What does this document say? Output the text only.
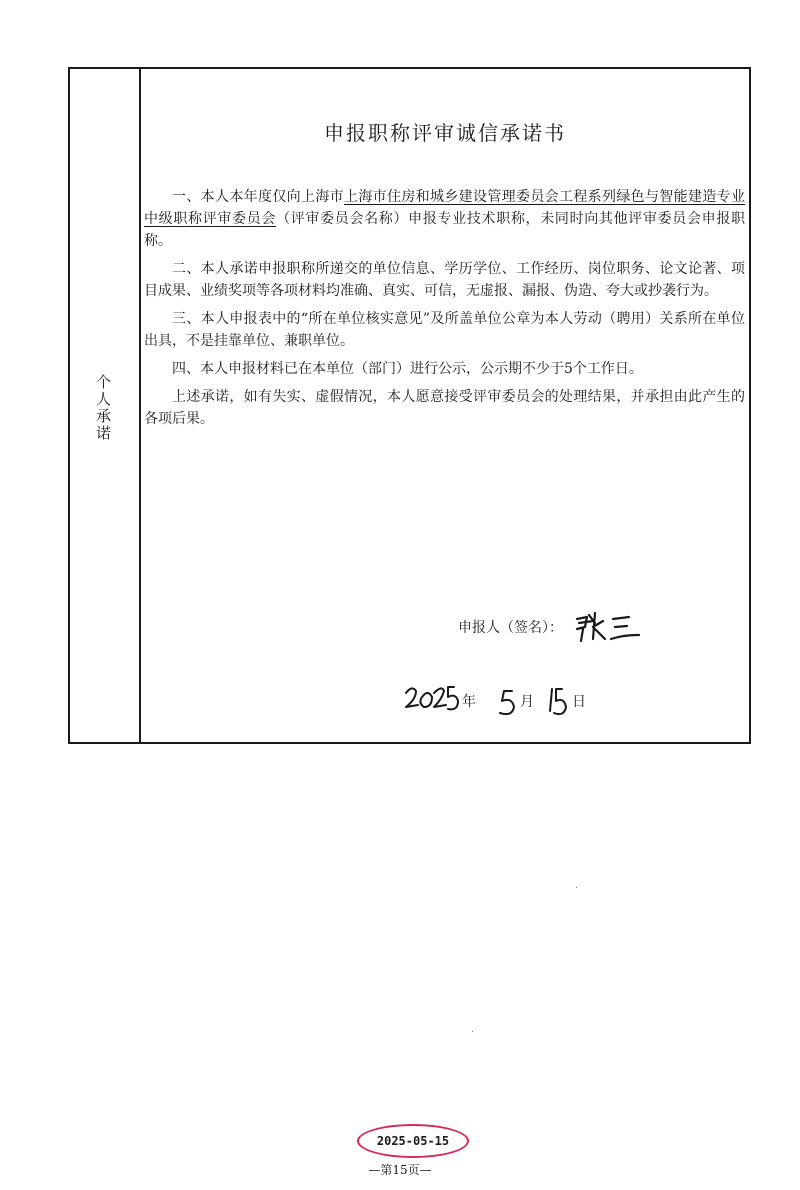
个
人
承
诺
申报职称评审诚信承诺书

一、本人本年度仅向上海市上海市住房和城乡建设管理委员会工程系列绿色与智能建造专业中级职称评审委员会（评审委员会名称）申报专业技术职称，未同时向其他评审委员会申报职称。

二、本人承诺申报职称所递交的单位信息、学历学位、工作经历、岗位职务、论文论著、项目成果、业绩奖项等各项材料均准确、真实、可信，无虚报、漏报、伪造、夸大或抄袭行为。

三、本人申报表中的“所在单位核实意见”及所盖单位公章为本人劳动（聘用）关系所在单位出具，不是挂靠单位、兼职单位。

四、本人申报材料已在本单位（部门）进行公示，公示期不少于5个工作日。

上述承诺，如有失实、虚假情况，本人愿意接受评审委员会的处理结果，并承担由此产生的各项后果。

申报人（签名）：
年	月	日
2025-05-15
—第15页—
